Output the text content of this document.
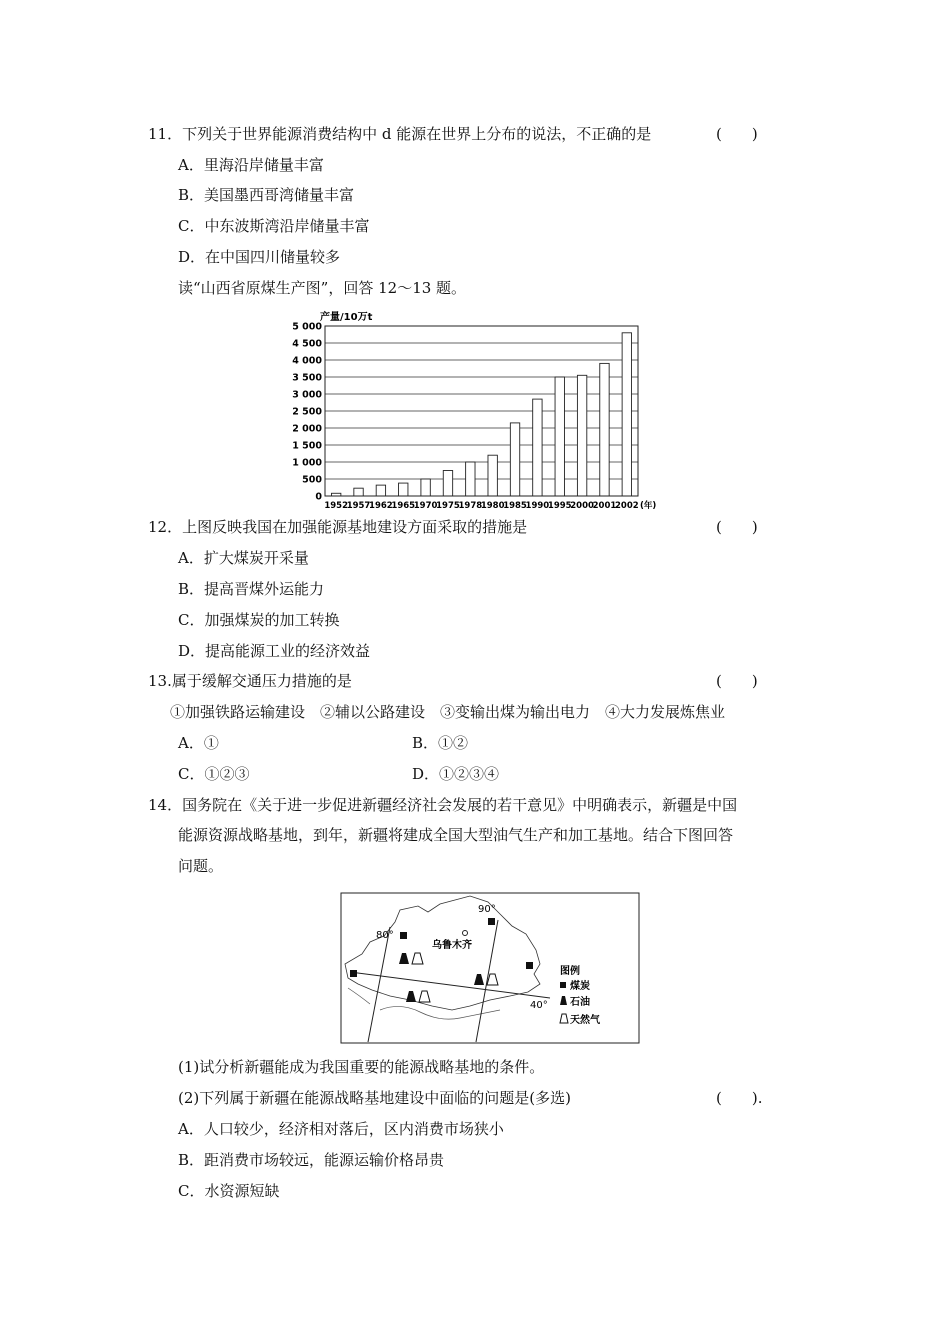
11．下列关于世界能源消费结构中 d 能源在世界上分布的说法，不正确的是	(　　)
A．里海沿岸储量丰富
B．美国墨西哥湾储量丰富
C．中东波斯湾沿岸储量丰富
D．在中国四川储量较多
读“山西省原煤生产图”，回答 12～13 题。
产量/10万t
5 000
4 500
4 000
3 500
3 000
2 500
2 000
1 500
1 000
500
0
1952
1957
1962
1965
1970
1975
1978
1980
1985
1990
1995
2000
2001
2002 (年)
12．上图反映我国在加强能源基地建设方面采取的措施是	(　　)
A．扩大煤炭开采量
B．提高晋煤外运能力
C．加强煤炭的加工转换
D．提高能源工业的经济效益
13.属于缓解交通压力措施的是	(　　)
①加强铁路运输建设　②辅以公路建设　③变输出煤为输出电力　④大力发展炼焦业
A．①	B．①②
C．①②③	D．①②③④
14．国务院在《关于进一步促进新疆经济社会发展的若干意见》中明确表示，新疆是中国
能源资源战略基地，到年，新疆将建成全国大型油气生产和加工基地。结合下图回答
问题。
80°
90°
40°
乌鲁木齐
图例
煤炭
石油
天然气
(1)试分析新疆能成为我国重要的能源战略基地的条件。
(2)下列属于新疆在能源战略基地建设中面临的问题是(多选)	(　　).
A．人口较少，经济相对落后，区内消费市场狭小
B．距消费市场较远，能源运输价格昂贵
C．水资源短缺
